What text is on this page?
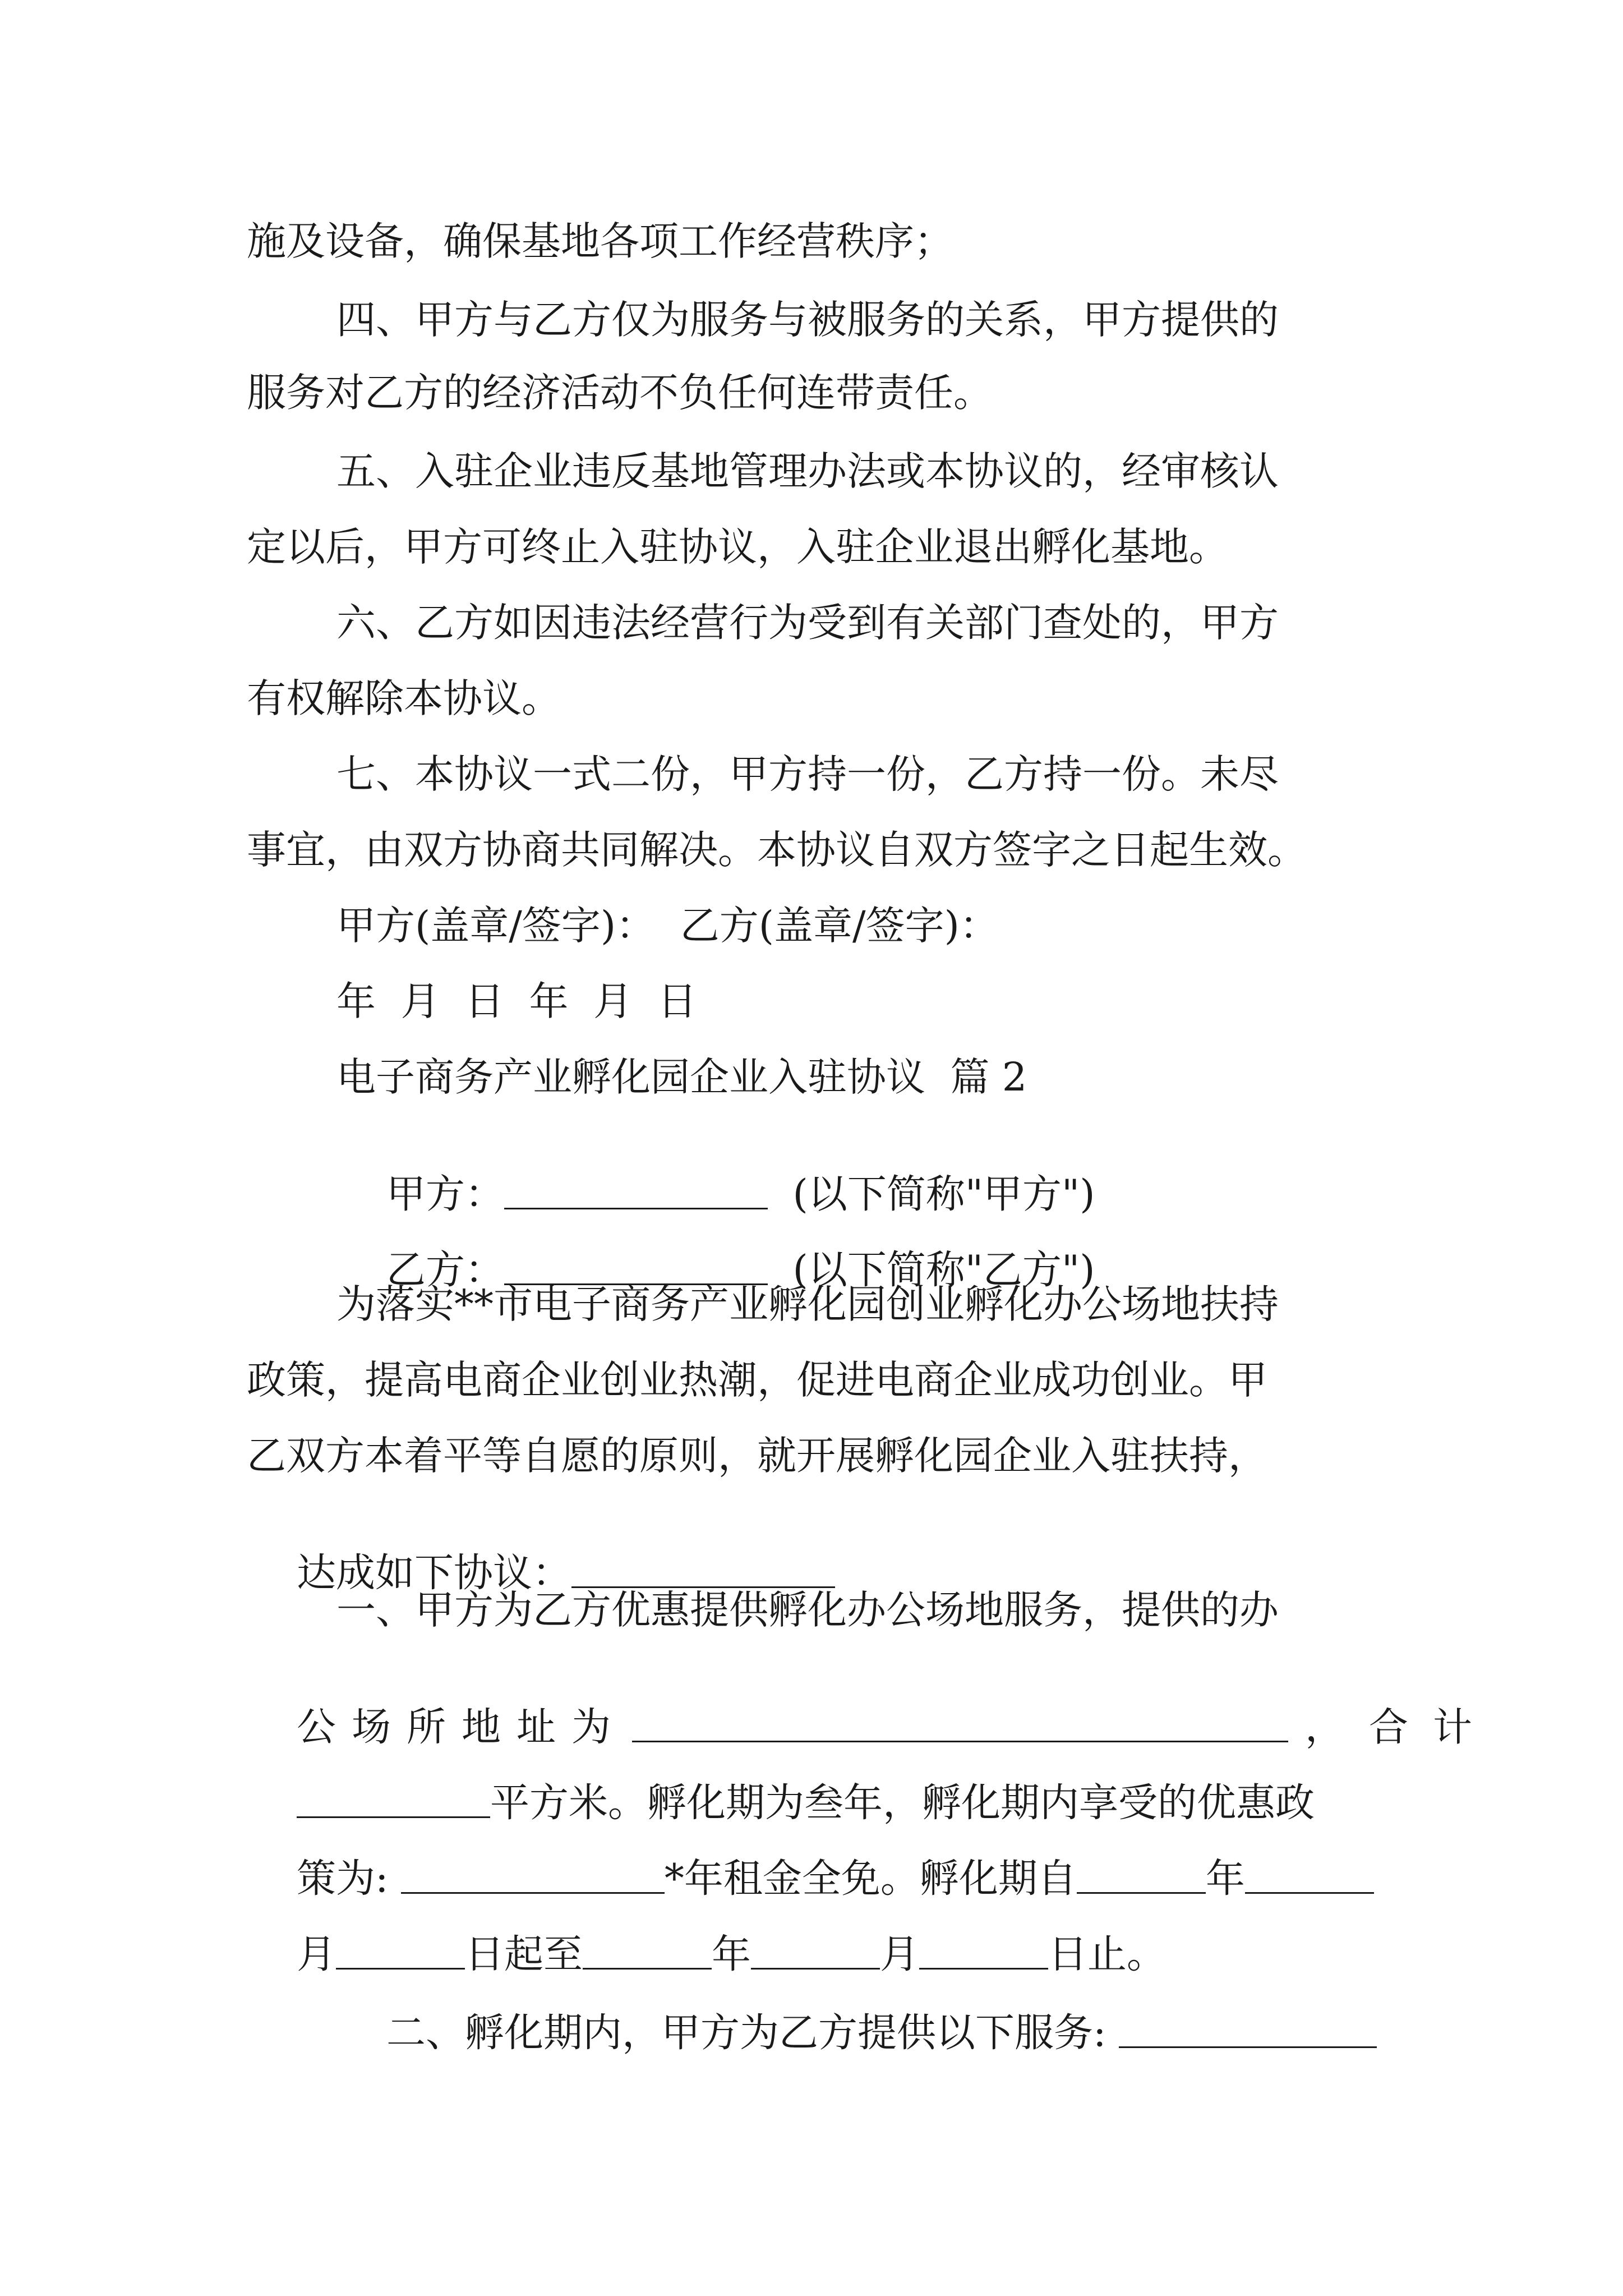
施及设备，确保基地各项工作经营秩序；
四、甲方与乙方仅为服务与被服务的关系，甲方提供的
服务对乙方的经济活动不负任何连带责任。
五、入驻企业违反基地管理办法或本协议的，经审核认
定以后，甲方可终止入驻协议，入驻企业退出孵化基地。
六、乙方如因违法经营行为受到有关部门查处的，甲方
有权解除本协议。
七、本协议一式二份，甲方持一份，乙方持一份。未尽
事宜，由双方协商共同解决。本协议自双方签字之日起生效。
甲方(盖章/签字)：  乙方(盖章/签字)：
年  月  日  年  月  日
电子商务产业孵化园企业入驻协议  篇 2

甲方：	(以下简称"甲方")

乙方：	(以下简称"乙方")

为落实**市电子商务产业孵化园创业孵化办公场地扶持
政策，提高电商企业创业热潮，促进电商企业成功创业。甲
乙双方本着平等自愿的原则，就开展孵化园企业入驻扶持，

达成如下协议：

一、甲方为乙方优惠提供孵化办公场地服务，提供的办

公场所地址为	，合计

平方米。孵化期为叁年，孵化期内享受的优惠政

策为:	*年租金全免。孵化期自	年

月	日起至	年	月	日止。

二、孵化期内，甲方为乙方提供以下服务:
